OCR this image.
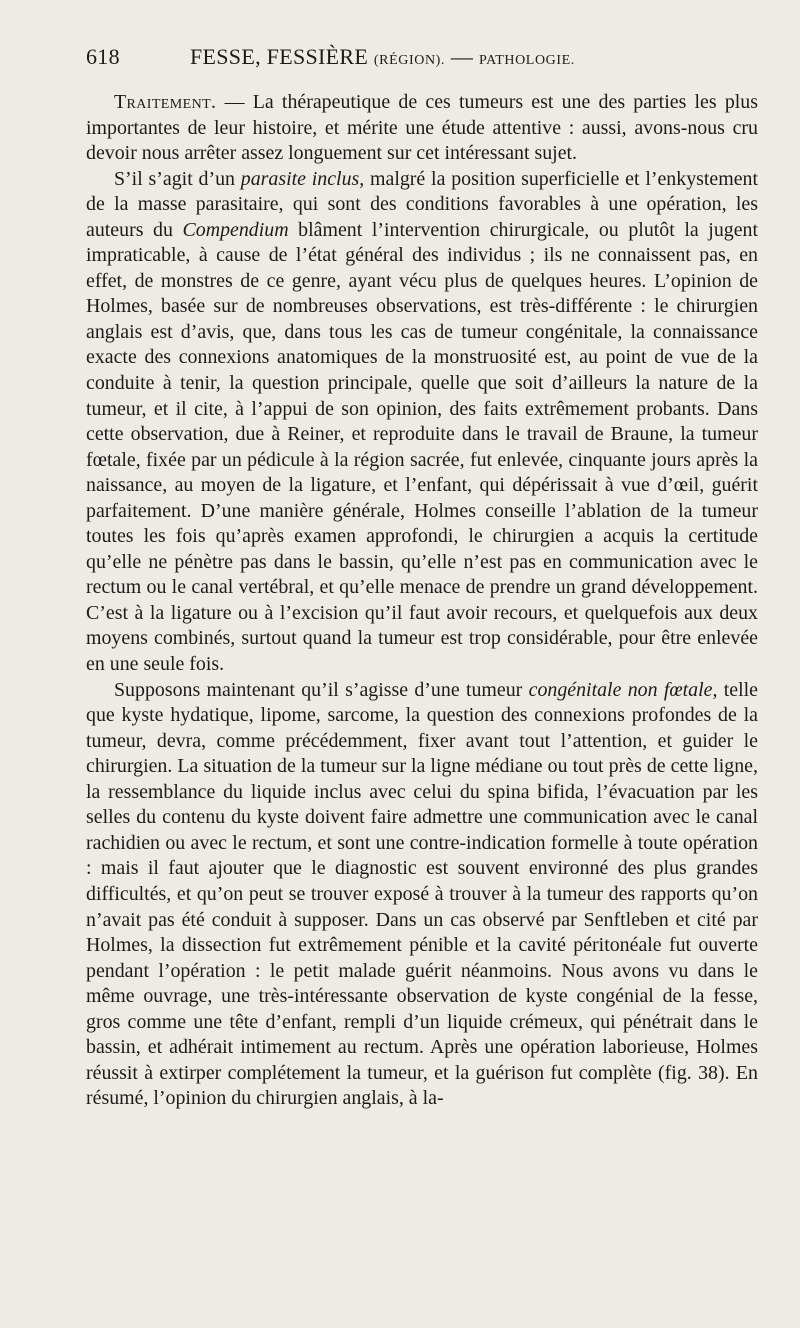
618	FESSE, FESSIÈRE (RÉGION). — PATHOLOGIE.

Traitement. — La thérapeutique de ces tumeurs est une des parties les plus importantes de leur histoire, et mérite une étude attentive : aussi, avons-nous cru devoir nous arrêter assez longuement sur cet intéressant sujet.

S’il s’agit d’un parasite inclus, malgré la position superficielle et l’enkystement de la masse parasitaire, qui sont des conditions favorables à une opération, les auteurs du Compendium blâment l’intervention chirurgicale, ou plutôt la jugent impraticable, à cause de l’état général des individus ; ils ne connaissent pas, en effet, de monstres de ce genre, ayant vécu plus de quelques heures. L’opinion de Holmes, basée sur de nombreuses observations, est très-différente : le chirurgien anglais est d’avis, que, dans tous les cas de tumeur congénitale, la connaissance exacte des connexions anatomiques de la monstruosité est, au point de vue de la conduite à tenir, la question principale, quelle que soit d’ailleurs la nature de la tumeur, et il cite, à l’appui de son opinion, des faits extrêmement probants. Dans cette observation, due à Reiner, et reproduite dans le travail de Braune, la tumeur fœtale, fixée par un pédicule à la région sacrée, fut enlevée, cinquante jours après la naissance, au moyen de la ligature, et l’enfant, qui dépérissait à vue d’œil, guérit parfaitement. D’une manière générale, Holmes conseille l’ablation de la tumeur toutes les fois qu’après examen approfondi, le chirurgien a acquis la certitude qu’elle ne pénètre pas dans le bassin, qu’elle n’est pas en communication avec le rectum ou le canal vertébral, et qu’elle menace de prendre un grand développement. C’est à la ligature ou à l’excision qu’il faut avoir recours, et quelquefois aux deux moyens combinés, surtout quand la tumeur est trop considérable, pour être enlevée en une seule fois.

Supposons maintenant qu’il s’agisse d’une tumeur congénitale non fœtale, telle que kyste hydatique, lipome, sarcome, la question des connexions profondes de la tumeur, devra, comme précédemment, fixer avant tout l’attention, et guider le chirurgien. La situation de la tumeur sur la ligne médiane ou tout près de cette ligne, la ressemblance du liquide inclus avec celui du spina bifida, l’évacuation par les selles du contenu du kyste doivent faire admettre une communication avec le canal rachidien ou avec le rectum, et sont une contre-indication formelle à toute opération : mais il faut ajouter que le diagnostic est souvent environné des plus grandes difficultés, et qu’on peut se trouver exposé à trouver à la tumeur des rapports qu’on n’avait pas été conduit à supposer. Dans un cas observé par Senftleben et cité par Holmes, la dissection fut extrêmement pénible et la cavité péritonéale fut ouverte pendant l’opération : le petit malade guérit néanmoins. Nous avons vu dans le même ouvrage, une très-intéressante observation de kyste congénial de la fesse, gros comme une tête d’enfant, rempli d’un liquide crémeux, qui pénétrait dans le bassin, et adhérait intimement au rectum. Après une opération laborieuse, Holmes réussit à extirper complétement la tumeur, et la guérison fut complète (fig. 38). En résumé, l’opinion du chirurgien anglais, à la-
